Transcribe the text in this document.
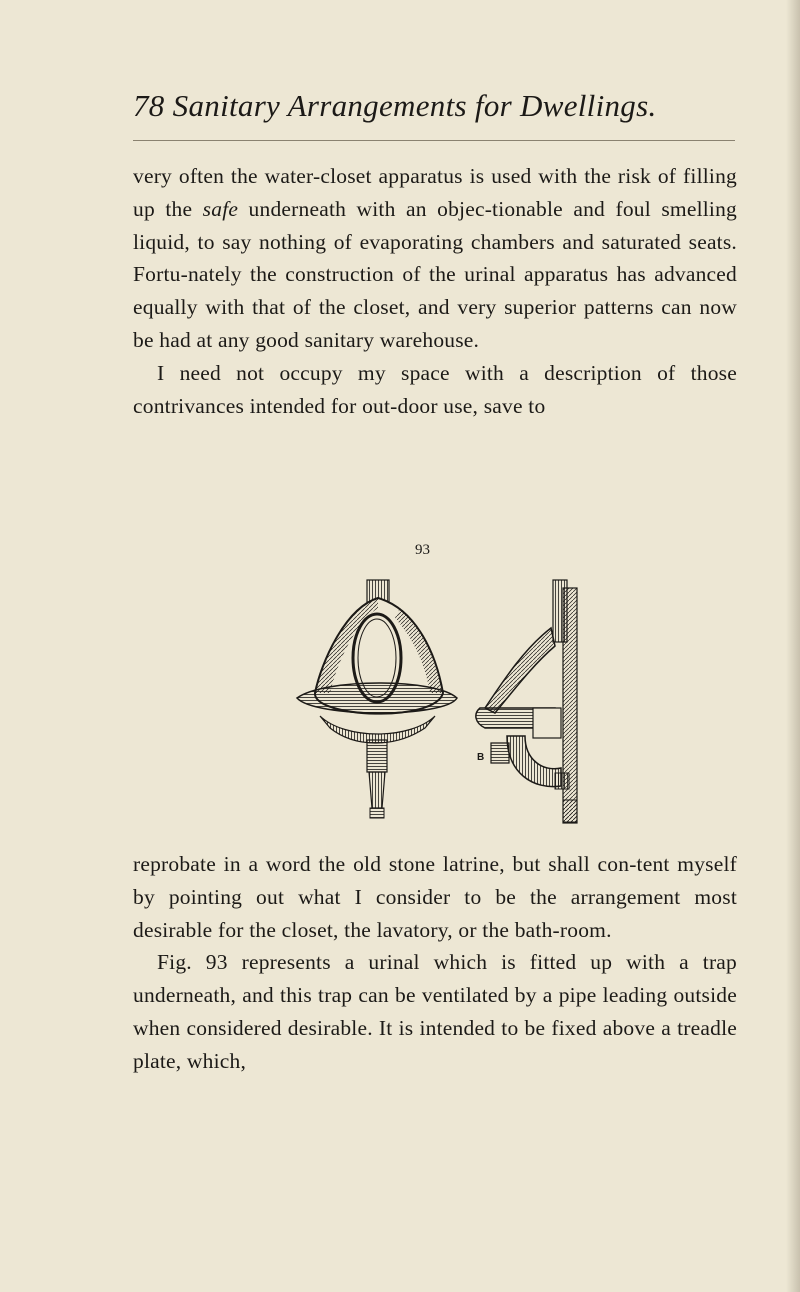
78 Sanitary Arrangements for Dwellings.

very often the water-closet apparatus is used with the risk of filling up the safe underneath with an objec-tionable and foul smelling liquid, to say nothing of evaporating chambers and saturated seats. Fortu-nately the construction of the urinal apparatus has advanced equally with that of the closet, and very superior patterns can now be had at any good sanitary warehouse.

I need not occupy my space with a description of those contrivances intended for out-door use, save to

93
B

reprobate in a word the old stone latrine, but shall con-tent myself by pointing out what I consider to be the arrangement most desirable for the closet, the lavatory, or the bath-room.

Fig. 93 represents a urinal which is fitted up with a trap underneath, and this trap can be ventilated by a pipe leading outside when considered desirable. It is intended to be fixed above a treadle plate, which,
